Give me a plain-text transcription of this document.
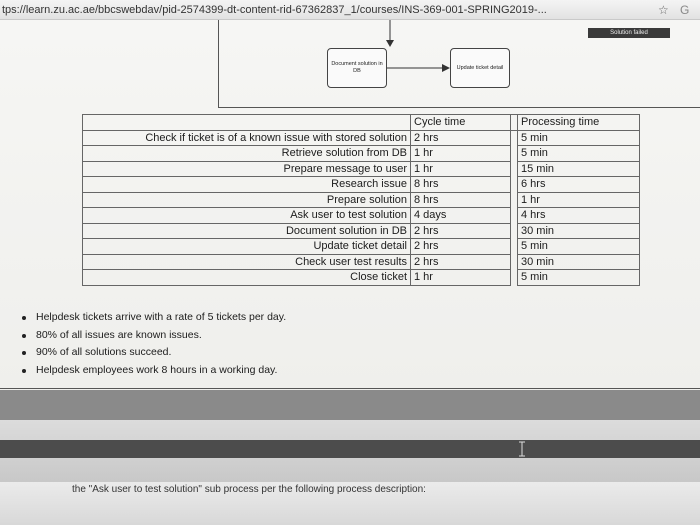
tps://learn.zu.ac.ae/bbcswebdav/pid-2574399-dt-content-rid-67362837_1/courses/INS-369-001-SPRING2019-...	☆ G
Solution failed
Document solution in DB
Update ticket detail
	Cycle time		Processing time
Check if ticket is of a known issue with stored solution	2 hrs		5 min
Retrieve solution from DB	1 hr		5 min
Prepare message to user	1 hr		15 min
Research issue	8 hrs		6 hrs
Prepare solution	8 hrs		1 hr
Ask user to test solution	4 days		4 hrs
Document solution in DB	2 hrs		30 min
Update ticket detail	2 hrs		5 min
Check user test results	2 hrs		30 min
Close ticket	1 hr		5 min
Helpdesk tickets arrive with a rate of 5 tickets per day.
80% of all issues are known issues.
90% of all solutions succeed.
Helpdesk employees work 8 hours in a working day.
the "Ask user to test solution" sub process per the following process description:
